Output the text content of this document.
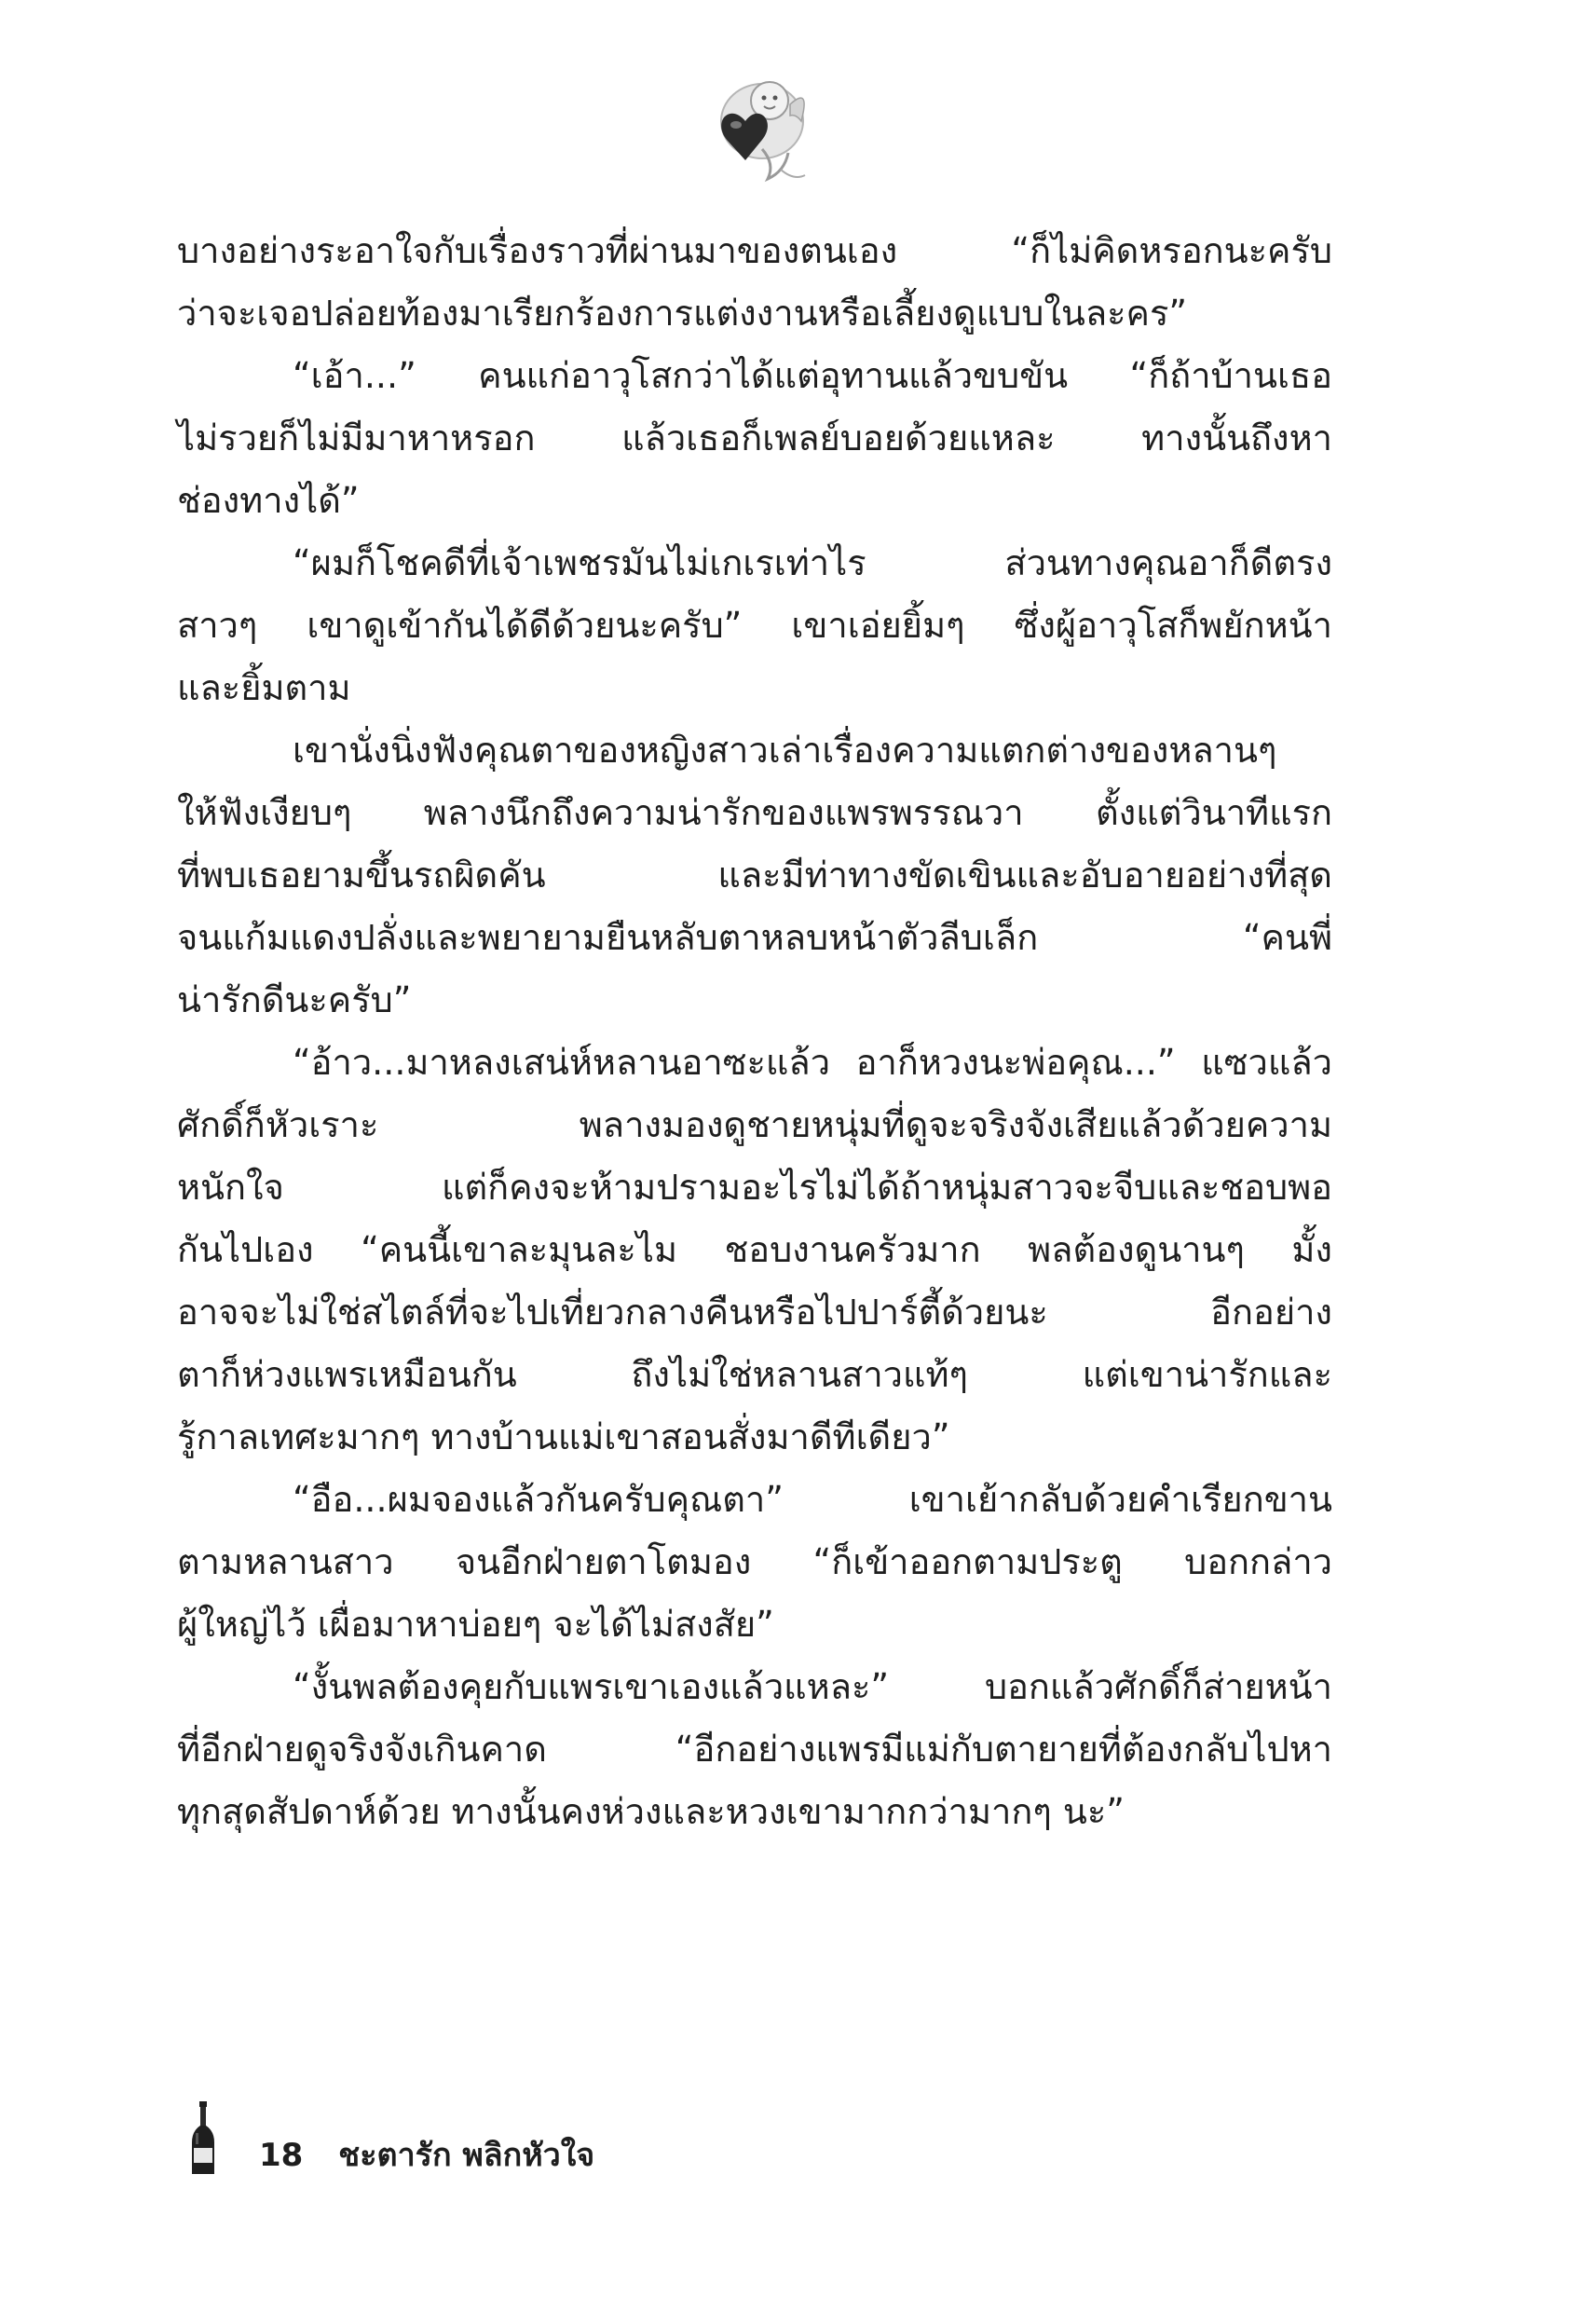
บางอย่างระอาใจกับเรื่องราวที่ผ่านมาของตนเอง “ก็ไม่คิดหรอกนะครับ
ว่าจะเจอปล่อยท้องมาเรียกร้องการแต่งงานหรือเลี้ยงดูแบบในละคร”
“เอ้า...” คนแก่อาวุโสกว่าได้แต่อุทานแล้วขบขัน “ก็ถ้าบ้านเธอ
ไม่รวยก็ไม่มีมาหาหรอก แล้วเธอก็เพลย์บอยด้วยแหละ ทางนั้นถึงหา
ช่องทางได้”
“ผมก็โชคดีที่เจ้าเพชรมันไม่เกเรเท่าไร ส่วนทางคุณอาก็ดีตรง
สาวๆ เขาดูเข้ากันได้ดีด้วยนะครับ” เขาเอ่ยยิ้มๆ ซึ่งผู้อาวุโสก็พยักหน้า
และยิ้มตาม
เขานั่งนิ่งฟังคุณตาของหญิงสาวเล่าเรื่องความแตกต่างของหลานๆ
ให้ฟังเงียบๆ พลางนึกถึงความน่ารักของแพรพรรณวา ตั้งแต่วินาทีแรก
ที่พบเธอยามขึ้นรถผิดคัน และมีท่าทางขัดเขินและอับอายอย่างที่สุด
จนแก้มแดงปลั่งและพยายามยืนหลับตาหลบหน้าตัวลีบเล็ก “คนพี่
น่ารักดีนะครับ”
“อ้าว...มาหลงเสน่ห์หลานอาซะแล้ว อาก็หวงนะพ่อคุณ...” แซวแล้ว
ศักดิ์ก็หัวเราะ พลางมองดูชายหนุ่มที่ดูจะจริงจังเสียแล้วด้วยความ
หนักใจ แต่ก็คงจะห้ามปรามอะไรไม่ได้ถ้าหนุ่มสาวจะจีบและชอบพอ
กันไปเอง “คนนี้เขาละมุนละไม ชอบงานครัวมาก พลต้องดูนานๆ มั้ง
อาจจะไม่ใช่สไตล์ที่จะไปเที่ยวกลางคืนหรือไปปาร์ตี้ด้วยนะ อีกอย่าง
ตาก็ห่วงแพรเหมือนกัน ถึงไม่ใช่หลานสาวแท้ๆ แต่เขาน่ารักและ
รู้กาลเทศะมากๆ ทางบ้านแม่เขาสอนสั่งมาดีทีเดียว”
“อือ...ผมจองแล้วกันครับคุณตา” เขาเย้ากลับด้วยคำเรียกขาน
ตามหลานสาว จนอีกฝ่ายตาโตมอง “ก็เข้าออกตามประตู บอกกล่าว
ผู้ใหญ่ไว้ เผื่อมาหาบ่อยๆ จะได้ไม่สงสัย”
“งั้นพลต้องคุยกับแพรเขาเองแล้วแหละ” บอกแล้วศักดิ์ก็ส่ายหน้า
ที่อีกฝ่ายดูจริงจังเกินคาด “อีกอย่างแพรมีแม่กับตายายที่ต้องกลับไปหา
ทุกสุดสัปดาห์ด้วย ทางนั้นคงห่วงและหวงเขามากกว่ามากๆ นะ”
18 ชะตารัก พลิกหัวใจ
